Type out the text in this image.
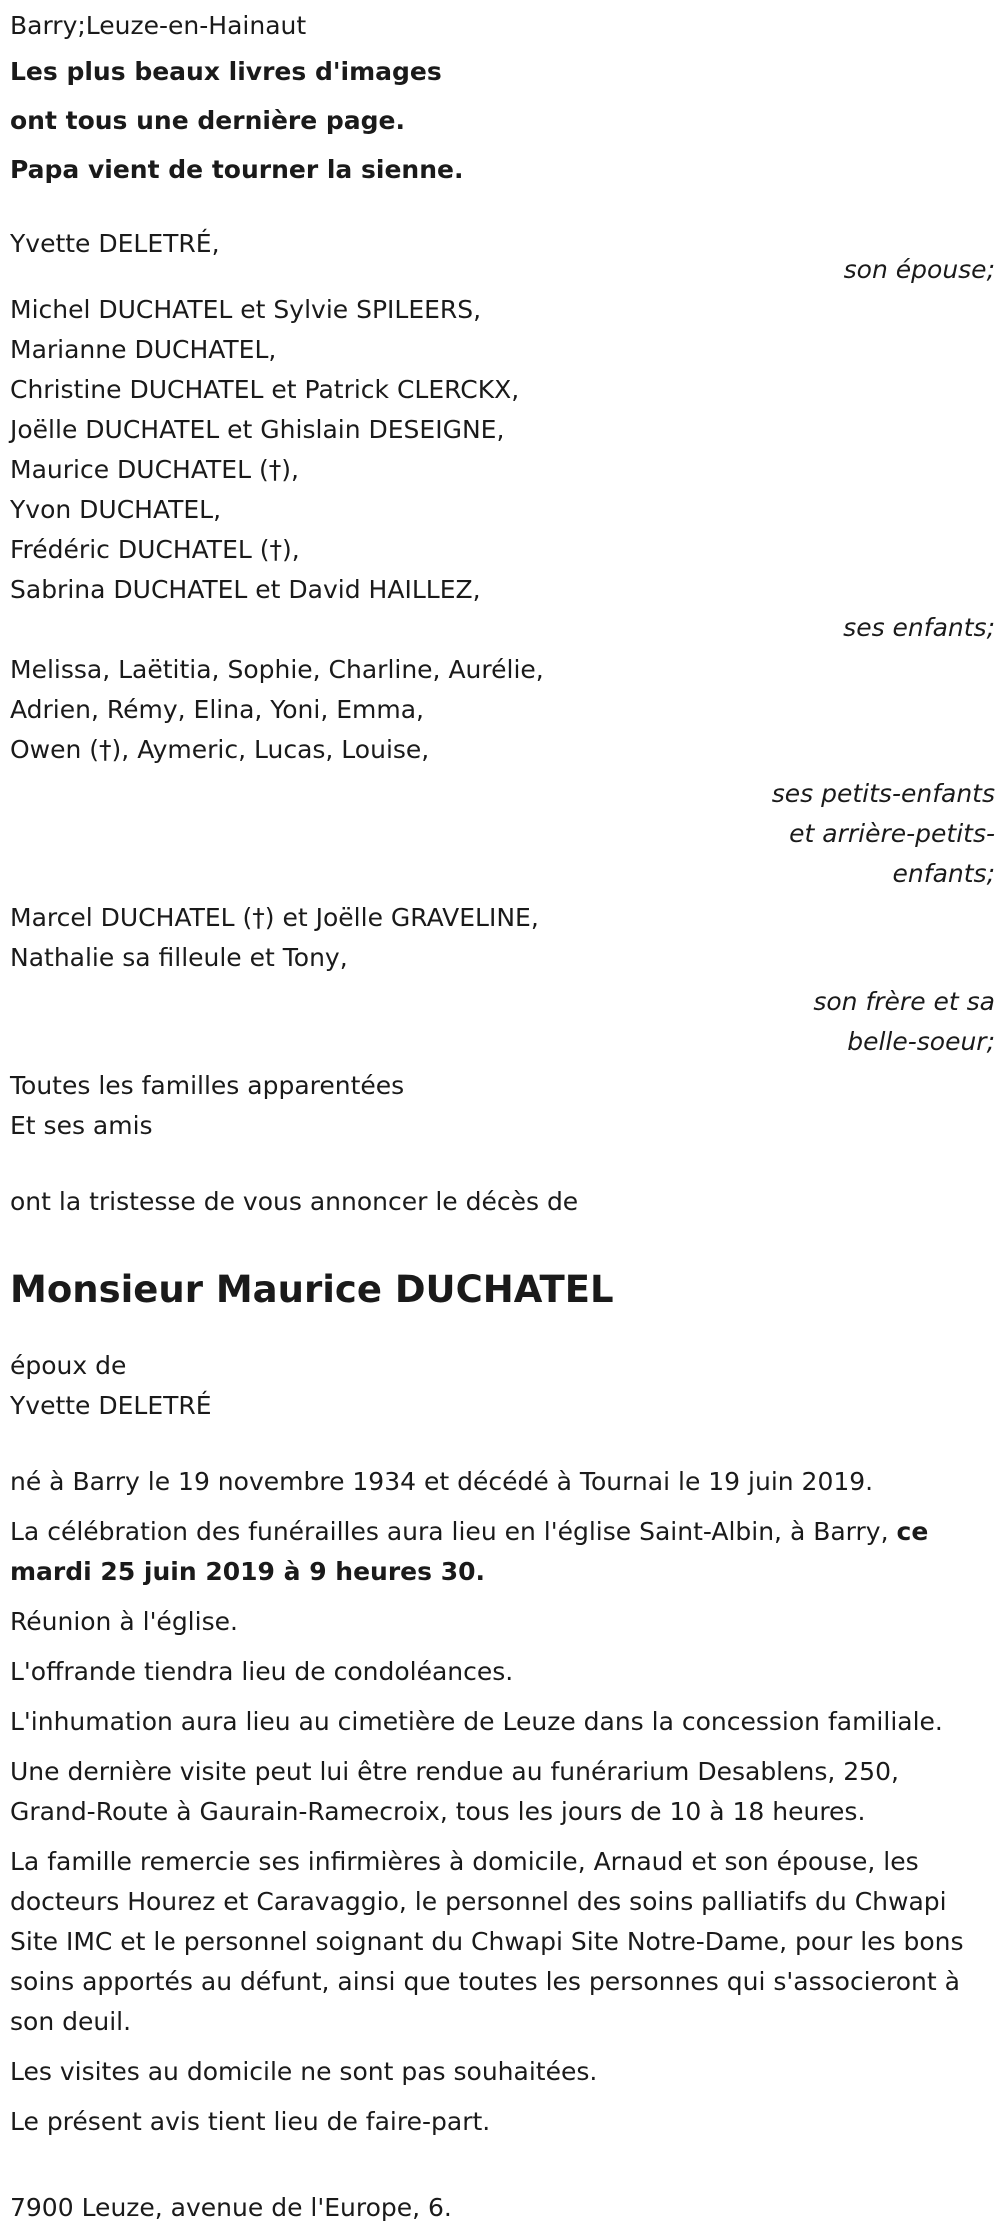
Barry;Leuze-en-Hainaut
Les plus beaux livres d'images
ont tous une dernière page.
Papa vient de tourner la sienne.
Yvette DELETRÉ,
son épouse;
Michel DUCHATEL et Sylvie SPILEERS,
Marianne DUCHATEL,
Christine DUCHATEL et Patrick CLERCKX,
Joëlle DUCHATEL et Ghislain DESEIGNE,
Maurice DUCHATEL (†),
Yvon DUCHATEL,
Frédéric DUCHATEL (†),
Sabrina DUCHATEL et David HAILLEZ,
ses enfants;
Melissa, Laëtitia, Sophie, Charline, Aurélie,
Adrien, Rémy, Elina, Yoni, Emma,
Owen (†), Aymeric, Lucas, Louise,
ses petits-enfants
et arrière-petits-
enfants;
Marcel DUCHATEL (†) et Joëlle GRAVELINE,
Nathalie sa filleule et Tony,
son frère et sa
belle-soeur;
Toutes les familles apparentées
Et ses amis
ont la tristesse de vous annoncer le décès de
Monsieur Maurice DUCHATEL
époux de
Yvette DELETRÉ
né à Barry le 19 novembre 1934 et décédé à Tournai le 19 juin 2019.
La célébration des funérailles aura lieu en l'église Saint-Albin, à Barry, ce mardi 25 juin 2019 à 9 heures 30.
Réunion à l'église.
L'offrande tiendra lieu de condoléances.
L'inhumation aura lieu au cimetière de Leuze dans la concession familiale.
Une dernière visite peut lui être rendue au funérarium Desablens, 250, Grand-Route à Gaurain-Ramecroix, tous les jours de 10 à 18 heures.
La famille remercie ses infirmières à domicile, Arnaud et son épouse, les docteurs Hourez et Caravaggio, le personnel des soins palliatifs du Chwapi Site IMC et le personnel soignant du Chwapi Site Notre-Dame, pour les bons soins apportés au défunt, ainsi que toutes les personnes qui s'associeront à son deuil.
Les visites au domicile ne sont pas souhaitées.
Le présent avis tient lieu de faire-part.
7900 Leuze, avenue de l'Europe, 6.
